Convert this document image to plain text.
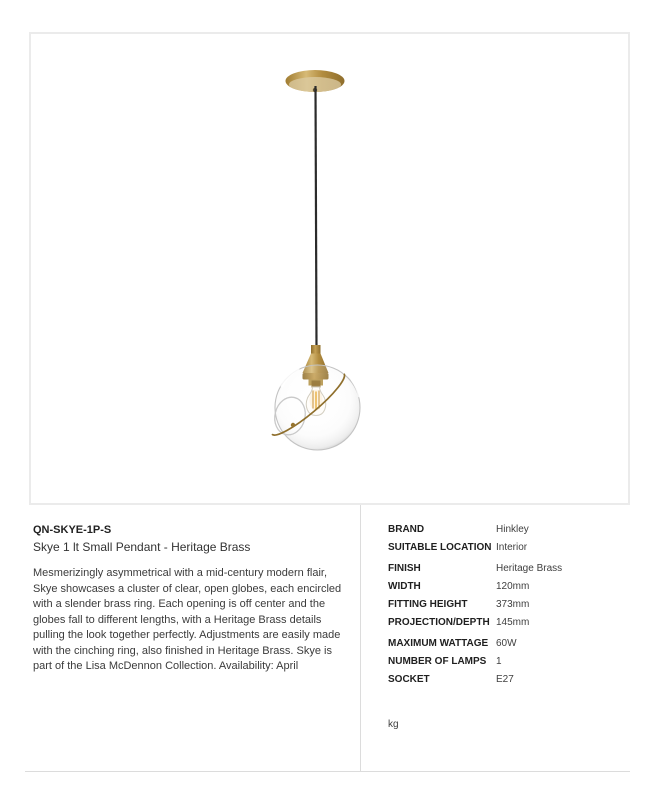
QN-SKYE-1P-S
Skye 1 lt Small Pendant - Heritage Brass

Mesmerizingly asymmetrical with a mid-century modern flair, Skye showcases a cluster of clear, open globes, each encircled with a slender brass ring. Each opening is off center and the globes fall to different lengths, with a Heritage Brass details pulling the look together perfectly. Adjustments are easily made with the cinching ring, also finished in Heritage Brass. Skye is part of the Lisa McDennon Collection. Availability: April

BRAND	Hinkley
SUITABLE LOCATION Interior
FINISH	Heritage Brass
WIDTH	120mm
FITTING HEIGHT	373mm
PROJECTION/DEPTH 145mm
MAXIMUM WATTAGE 60W
NUMBER OF LAMPS 1
SOCKET	E27
kg
